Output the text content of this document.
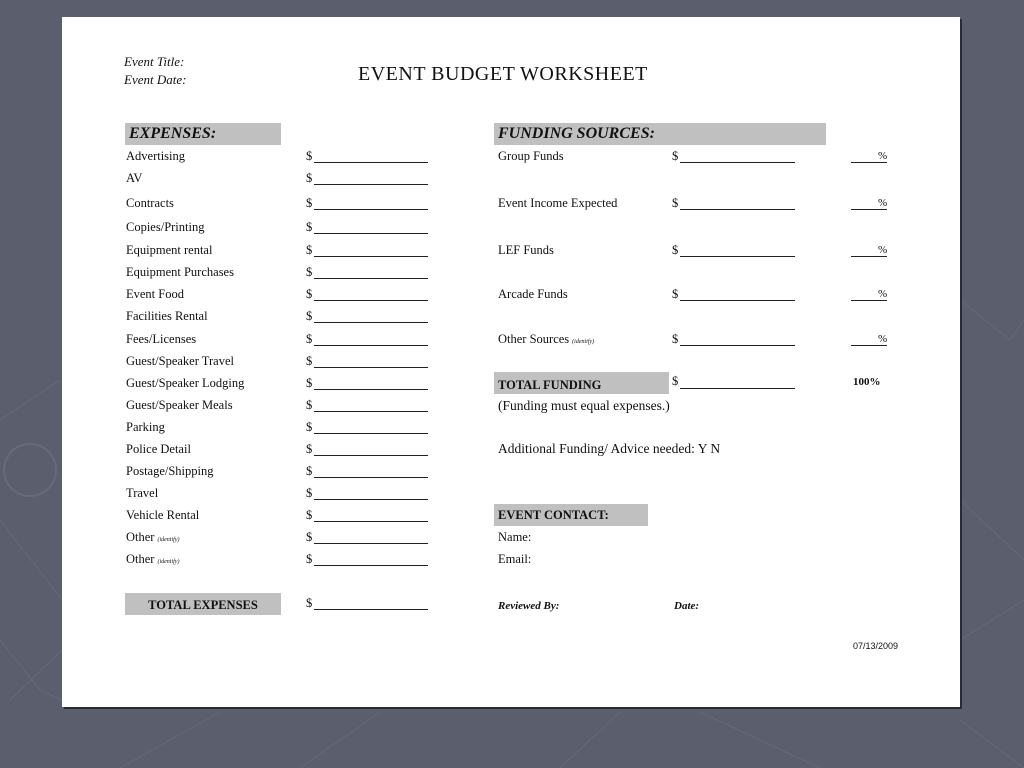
Event Title:
Event Date:	EVENT BUDGET WORKSHEET
EXPENSES:
Advertising	$
AV	$
Contracts	$
Copies/Printing	$
Equipment rental	$
Equipment Purchases	$
Event Food	$
Facilities Rental	$
Fees/Licenses	$
Guest/Speaker Travel	$
Guest/Speaker Lodging	$
Guest/Speaker Meals	$
Parking	$
Police Detail	$
Postage/Shipping	$
Travel	$
Vehicle Rental	$
Other (identify)	$
Other (identify)	$
TOTAL EXPENSES	$
FUNDING SOURCES:
Group Funds	$	%
Event Income Expected	$	%
LEF Funds	$	%
Arcade Funds	$	%
Other Sources (identify)	$	%
TOTAL FUNDING	$	100%
(Funding must equal expenses.)
Additional Funding/ Advice needed: Y N
EVENT CONTACT:
Name:
Email:
Reviewed By:	Date:
07/13/2009
